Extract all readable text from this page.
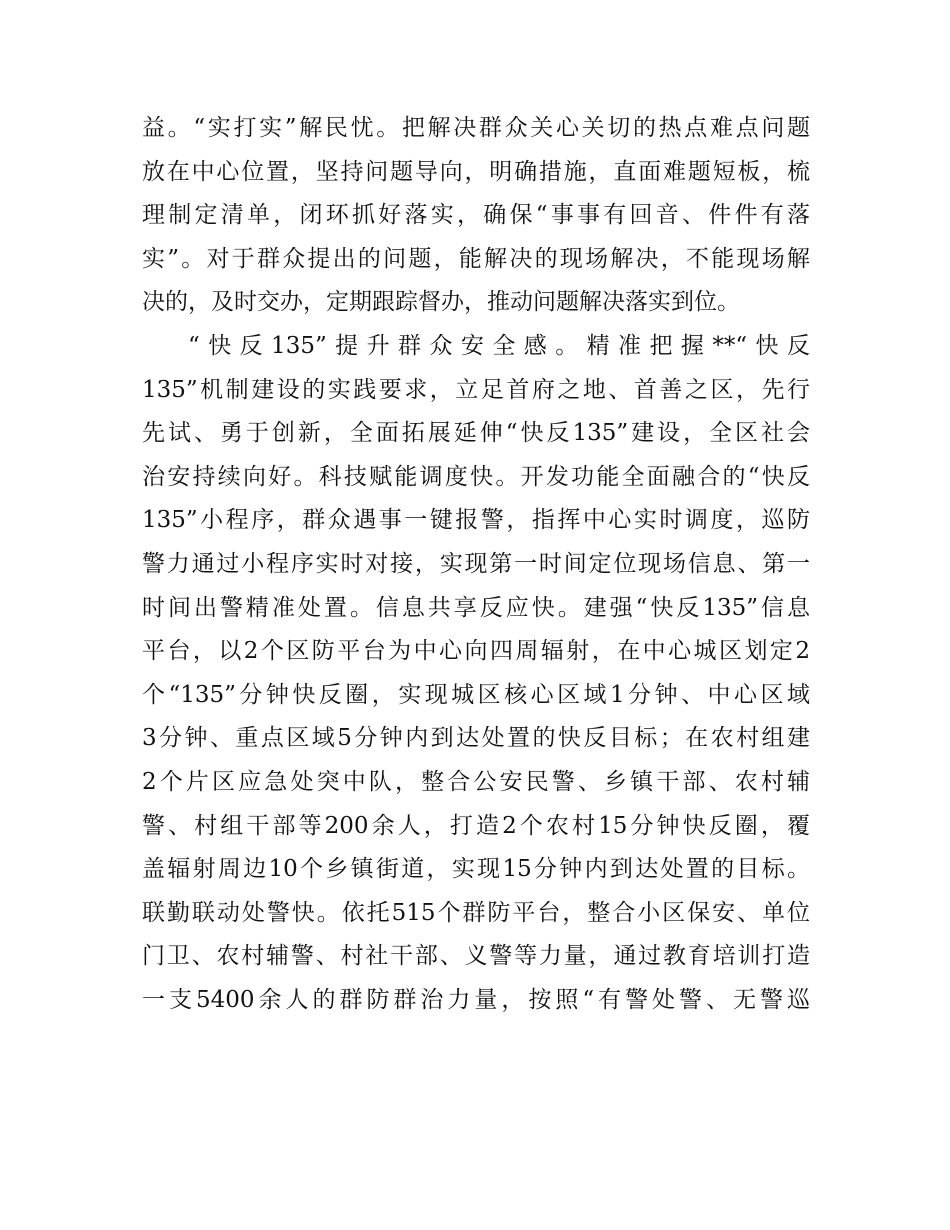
益。“实打实”解民忧。把解决群众关心关切的热点难点问题
放在中心位置，坚持问题导向，明确措施，直面难题短板，梳
理制定清单，闭环抓好落实，确保“事事有回音、件件有落
实”。对于群众提出的问题，能解决的现场解决，不能现场解
决的，及时交办，定期跟踪督办，推动问题解决落实到位。
“快反135”提升群众安全感。精准把握**“快反
135”机制建设的实践要求，立足首府之地、首善之区，先行
先试、勇于创新，全面拓展延伸“快反135”建设，全区社会
治安持续向好。科技赋能调度快。开发功能全面融合的“快反
135”小程序，群众遇事一键报警，指挥中心实时调度，巡防
警力通过小程序实时对接，实现第一时间定位现场信息、第一
时间出警精准处置。信息共享反应快。建强“快反135”信息
平台，以2个区防平台为中心向四周辐射，在中心城区划定2
个“135”分钟快反圈，实现城区核心区域1分钟、中心区域
3分钟、重点区域5分钟内到达处置的快反目标；在农村组建
2个片区应急处突中队，整合公安民警、乡镇干部、农村辅
警、村组干部等200余人，打造2个农村15分钟快反圈，覆
盖辐射周边10个乡镇街道，实现15分钟内到达处置的目标。
联勤联动处警快。依托515个群防平台，整合小区保安、单位
门卫、农村辅警、村社干部、义警等力量，通过教育培训打造
一支5400余人的群防群治力量，按照“有警处警、无警巡
